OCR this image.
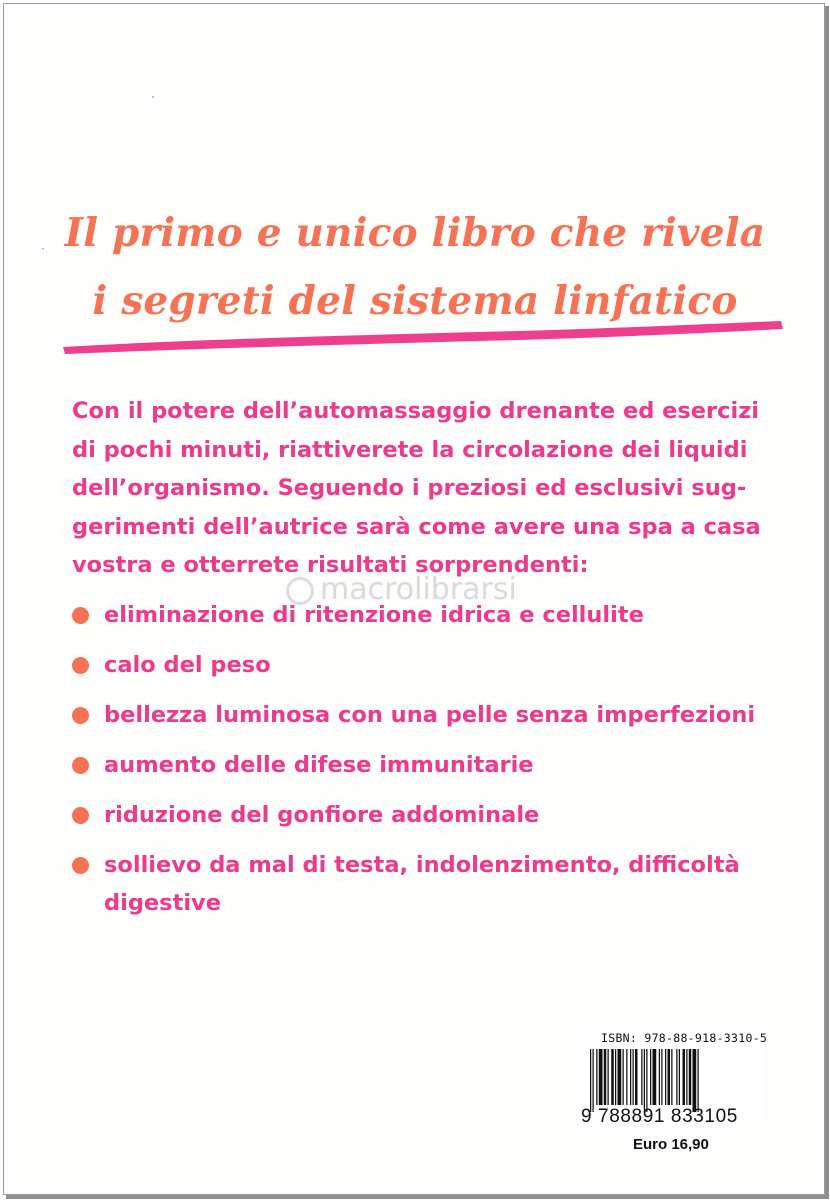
Il primo e unico libro che rivela
i segreti del sistema linfatico
Con il potere dell’automassaggio drenante ed esercizi
di pochi minuti, riattiverete la circolazione dei liquidi
dell’organismo. Seguendo i preziosi ed esclusivi sug-
gerimenti dell’autrice sarà come avere una spa a casa
vostra e otterrete risultati sorprendenti:
macrolibrarsi
eliminazione di ritenzione idrica e cellulite
calo del peso
bellezza luminosa con una pelle senza imperfezioni
aumento delle difese immunitarie
riduzione del gonfiore addominale
sollievo da mal di testa, indolenzimento, difficoltà
digestive
ISBN: 978-88-918-3310-5
9 788891 833105
Euro 16,90
